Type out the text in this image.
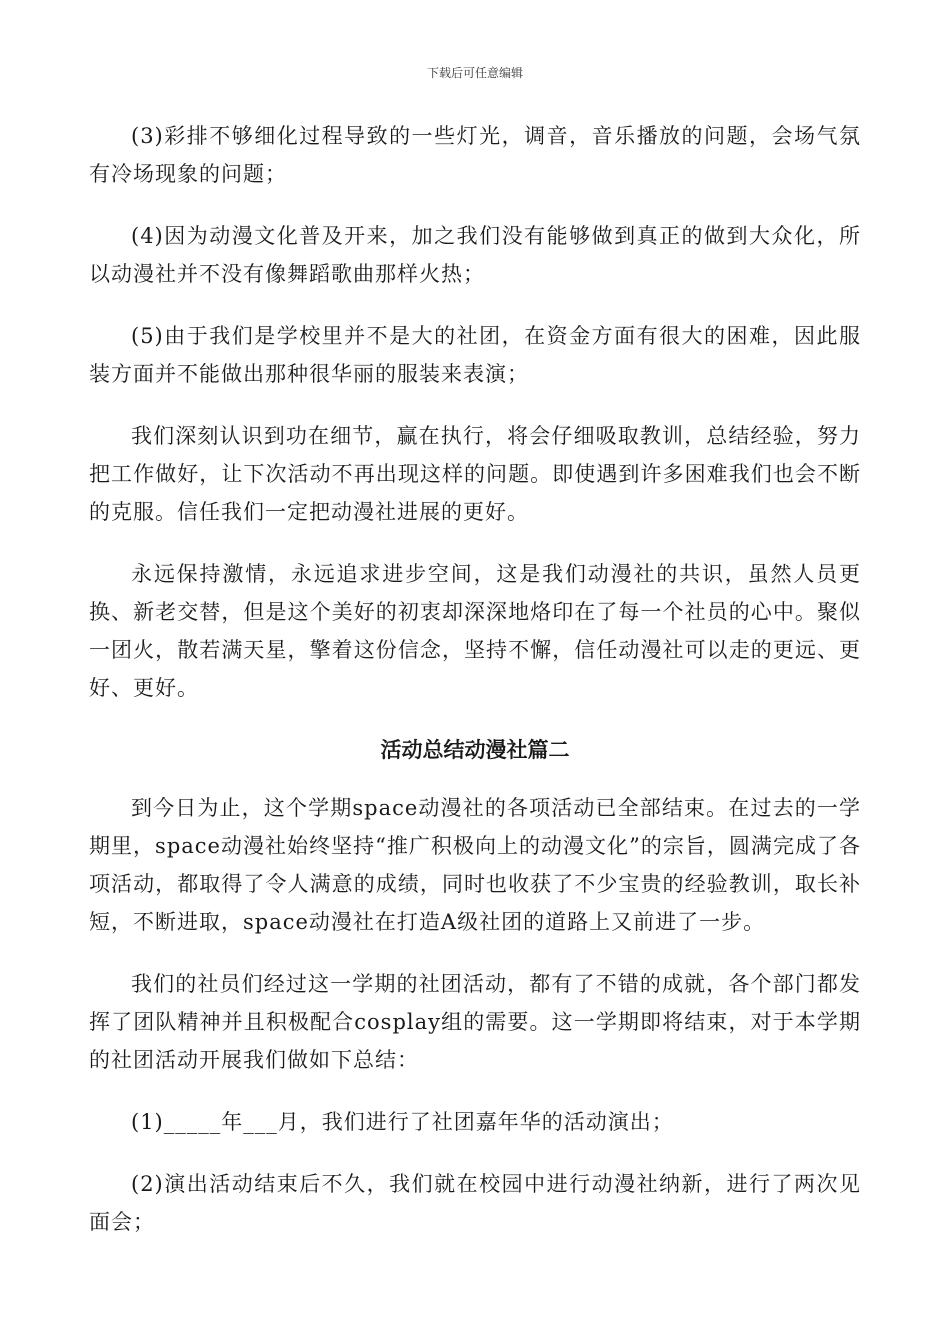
下载后可任意编辑

(3)彩排不够细化过程导致的一些灯光，调音，音乐播放的问题，会场气氛有冷场现象的问题；

(4)因为动漫文化普及开来，加之我们没有能够做到真正的做到大众化，所以动漫社并不没有像舞蹈歌曲那样火热；

(5)由于我们是学校里并不是大的社团，在资金方面有很大的困难，因此服装方面并不能做出那种很华丽的服装来表演；

我们深刻认识到功在细节，赢在执行，将会仔细吸取教训，总结经验，努力把工作做好，让下次活动不再出现这样的问题。即使遇到许多困难我们也会不断的克服。信任我们一定把动漫社进展的更好。

永远保持激情，永远追求进步空间，这是我们动漫社的共识，虽然人员更换、新老交替，但是这个美好的初衷却深深地烙印在了每一个社员的心中。聚似一团火，散若满天星，擎着这份信念，坚持不懈，信任动漫社可以走的更远、更好、更好。

活动总结动漫社篇二

到今日为止，这个学期space动漫社的各项活动已全部结束。在过去的一学期里，space动漫社始终坚持“推广积极向上的动漫文化”的宗旨，圆满完成了各项活动，都取得了令人满意的成绩，同时也收获了不少宝贵的经验教训，取长补短，不断进取，space动漫社在打造A级社团的道路上又前进了一步。

我们的社员们经过这一学期的社团活动，都有了不错的成就，各个部门都发挥了团队精神并且积极配合cosplay组的需要。这一学期即将结束，对于本学期的社团活动开展我们做如下总结：

(1)_____年___月，我们进行了社团嘉年华的活动演出；

(2)演出活动结束后不久，我们就在校园中进行动漫社纳新，进行了两次见面会；
